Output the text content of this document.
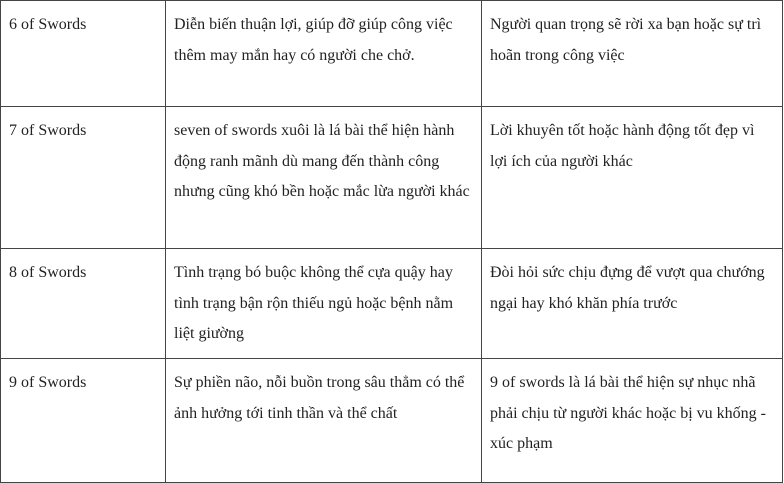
6 of Swords	Diễn biến thuận lợi, giúp đỡ giúp công việc thêm may mắn hay có người che chở.	Người quan trọng sẽ rời xa bạn hoặc sự trì hoãn trong công việc
7 of Swords	seven of swords xuôi là lá bài thể hiện hành động ranh mãnh dù mang đến thành công nhưng cũng khó bền hoặc mắc lừa người khác	Lời khuyên tốt hoặc hành động tốt đẹp vì lợi ích của người khác
8 of Swords	Tình trạng bó buộc không thể cựa quậy hay tình trạng bận rộn thiếu ngủ hoặc bệnh nằm liệt giường	Đòi hỏi sức chịu đựng để vượt qua chướng ngại hay khó khăn phía trước
9 of Swords	Sự phiền não, nỗi buồn trong sâu thẳm có thể ảnh hưởng tới tinh thần và thể chất	9 of swords là lá bài thể hiện sự nhục nhã phải chịu từ người khác hoặc bị vu khống - xúc phạm
